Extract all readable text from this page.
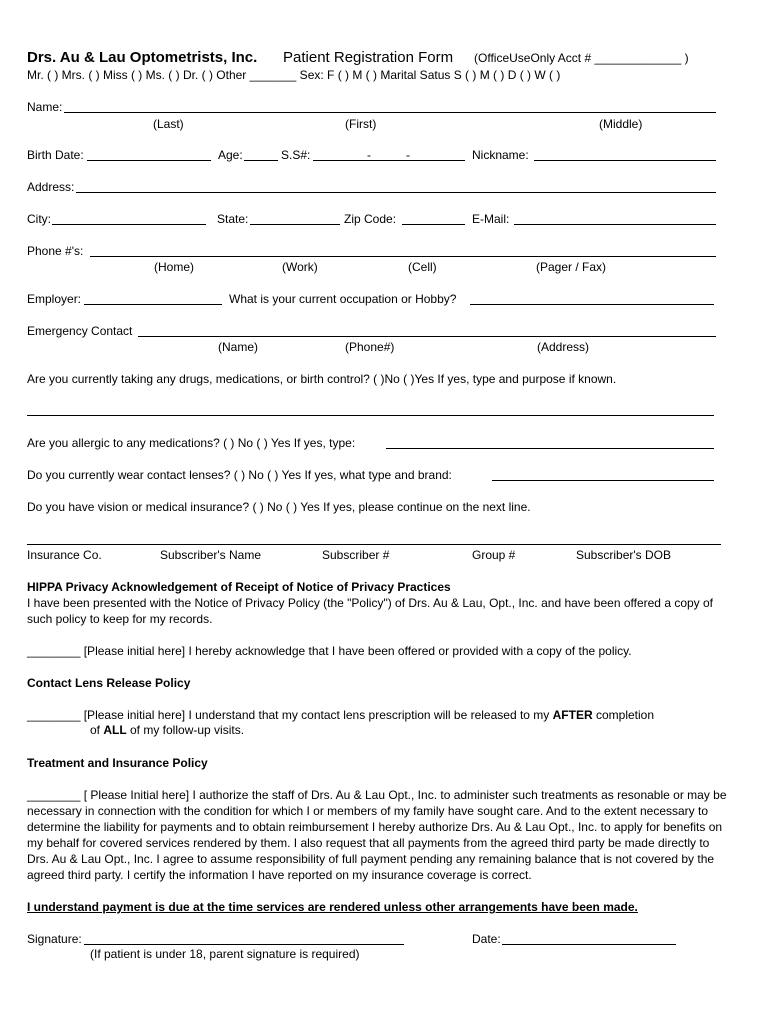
Drs. Au & Lau Optometrists, Inc. Patient Registration Form (OfficeUseOnly Acct # _____________ )
Mr. ( ) Mrs. ( ) Miss ( ) Ms. ( ) Dr. ( ) Other _______ Sex: F ( ) M ( ) Marital Satus S ( ) M ( ) D ( ) W ( )
Name:
(Last)	(First)	(Middle)
Birth Date:	Age:	S.S#:	-	-	Nickname:
Address:
City:	State:	Zip Code:	E-Mail:
Phone #'s:
(Home)	(Work)	(Cell)	(Pager / Fax)
Employer:	What is your current occupation or Hobby?
Emergency Contact
(Name)	(Phone#)	(Address)
Are you currently taking any drugs, medications, or birth control? ( )No ( )Yes If yes, type and purpose if known.
Are you allergic to any medications? ( ) No ( ) Yes If yes, type:
Do you currently wear contact lenses? ( ) No ( ) Yes If yes, what type and brand:
Do you have vision or medical insurance? ( ) No ( ) Yes If yes, please continue on the next line.
Insurance Co.	Subscriber's Name	Subscriber #	Group #	Subscriber's DOB
HIPPA Privacy Acknowledgement of Receipt of Notice of Privacy Practices
I have been presented with the Notice of Privacy Policy (the "Policy") of Drs. Au & Lau, Opt., Inc. and have been offered a copy of such policy to keep for my records.
________ [Please initial here] I hereby acknowledge that I have been offered or provided with a copy of the policy.
Contact Lens Release Policy
________ [Please initial here] I understand that my contact lens prescription will be released to my AFTER completion
of ALL of my follow-up visits.
Treatment and Insurance Policy
________ [ Please Initial here] I authorize the staff of Drs. Au & Lau Opt., Inc. to administer such treatments as resonable or may be necessary in connection with the condition for which I or members of my family have sought care. And to the extent necessary to determine the liability for payments and to obtain reimbursement I hereby authorize Drs. Au & Lau Opt., Inc. to apply for benefits on my behalf for covered services rendered by them. I also request that all payments from the agreed third party be made directly to Drs. Au & Lau Opt., Inc. I agree to assume responsibility of full payment pending any remaining balance that is not covered by the agreed third party. I certify the information I have reported on my insurance coverage is correct.
I understand payment is due at the time services are rendered unless other arrangements have been made.
Signature:	Date:
(If patient is under 18, parent signature is required)
